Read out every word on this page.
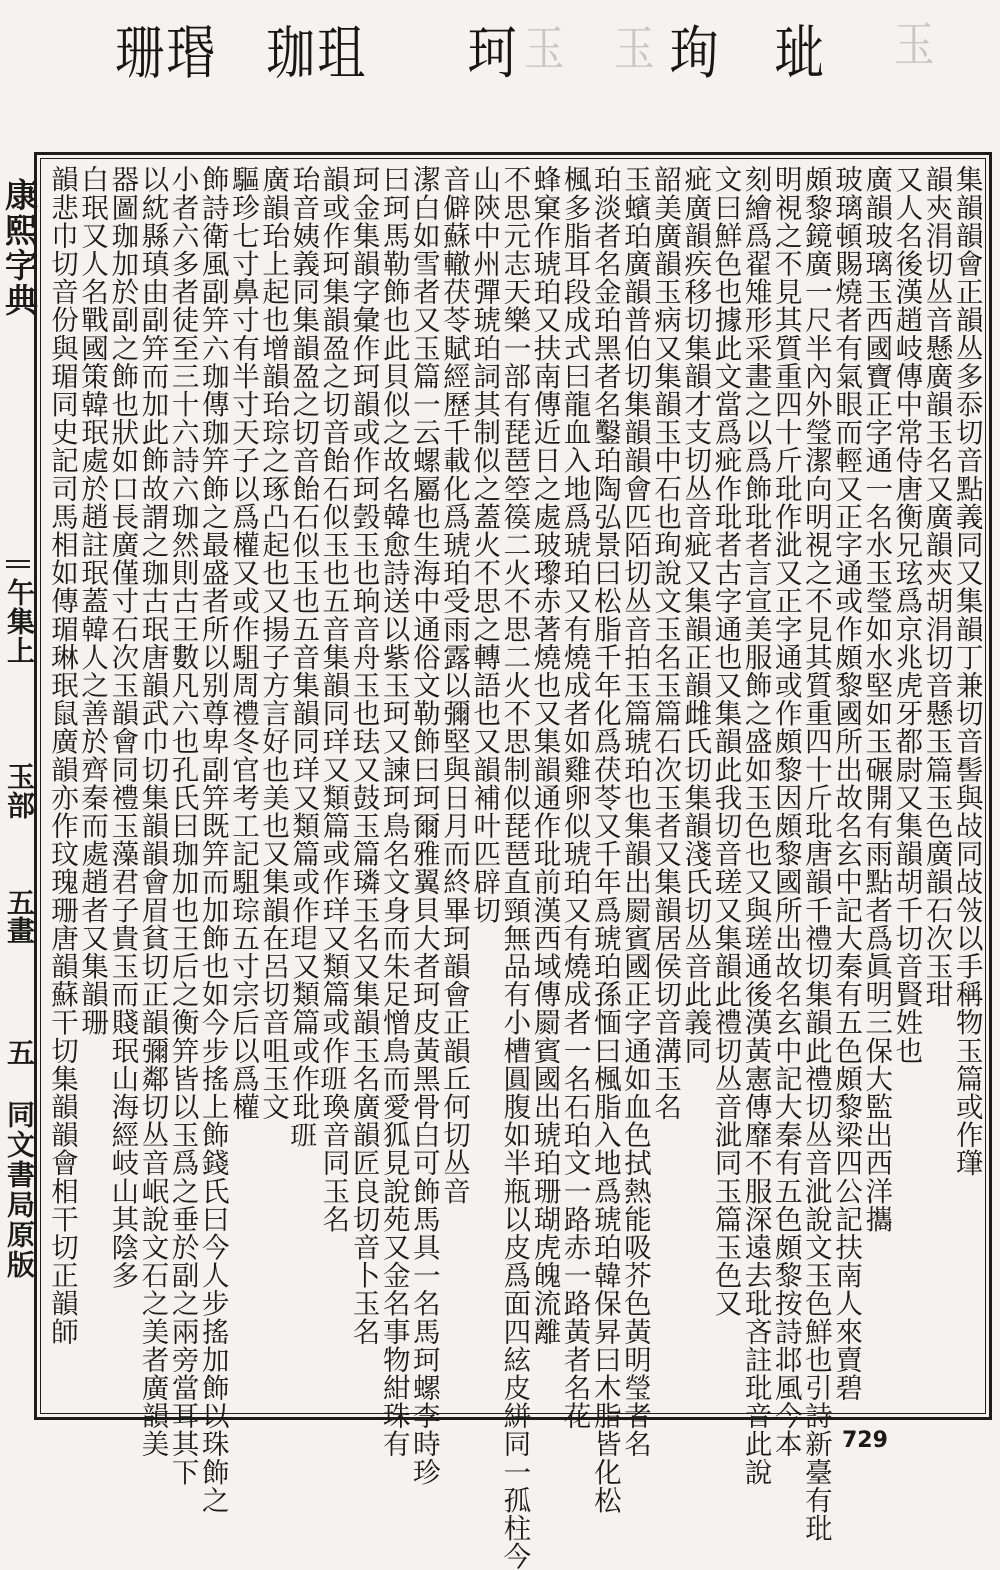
玉 玉	玉
珊瑉 珈珇 珂	珣 玼
康熙字典
午集上
玉部
五畫
五
同文書局原版
集韻韻會正韻丛多忝切音點義同又集韻丁兼切音髻與敁同敁㪁以手稱物玉篇或作㻶
韻㚒涓切丛音懸廣韻玉名又廣韻㚒胡涓切音懸玉篇玉色廣韻石次玉玵
又人名後漢趙岐傳中常侍唐衡兄玹爲京兆虎牙都尉又集韻胡千切音賢姓也
廣韻玻璃玉西國寶正字通一名水玉瑩如水堅如玉碾開有雨點者爲眞明三保大監出西洋攜
玻璃頓賜燒者有氣眼而輕又正字通或作頗黎國所出故名玄中記大秦有五色頗黎梁四公記扶南人來賣碧
頗黎鏡廣一尺半內外瑩潔向明視之不見其質重四十斤玭唐韻千禮切集韻此禮切丛音泚說文玉色鮮也引詩新臺有玭
明視之不見其質重四十斤玭作泚又正字通或作頗黎因頗黎國所出故名玄中記大秦有五色頗黎按詩邶風今本
刻繪爲翟雉形采畫之以爲飾玭者言宣美服飾之盛如玉色也又與瑳通後漢黃憲傳靡不服深遠去玭吝註玭音此說
文曰鮮色也據此文當爲疵作玭者古字通也又集韻此我切音瑳又集韻此禮切丛音泚同玉篇玉色又
疵廣韻疾移切集韻才支切丛音疵又集韻正韻雌氏切集韻淺氏切丛音此義同
韶美廣韻玉病又集韻玉中石也珣說文玉名玉篇石次玉者又集韻居侯切音溝玉名
玉蠙珀廣韻普伯切集韻韻會匹陌切丛音拍玉篇琥珀也集韻出罽賓國正字通如血色拭熱能吸芥色黃明瑩者名
珀淡者名金珀黑者名鑿珀陶弘景曰松脂千年化爲茯苓又千年爲琥珀孫愐曰楓脂入地爲琥珀韓保昇曰木脂皆化松
楓多脂耳段成式曰龍血入地爲琥珀又有燒成者如雞卵似琥珀又有燒成者一名石珀文一路赤一路黃者名花
蜂窠作琥珀又扶南傳近日之處玻瓈赤著燒也又集韻通作玭前漢西域傳罽賓國出琥珀珊瑚虎魄流離
不思元志天樂一部有琵琶箜篌二火不思二火不思制似琵琶直頸無品有小槽圓腹如半瓶以皮爲面四絃皮絣同一孤柱今
山陝中州彈琥珀詞其制似之蓋火不思之轉語也又韻補叶匹辟切
音僻蘇轍茯苓賦經歷千載化爲琥珀受雨露以彌堅與日月而終畢珂韻會正韻丘何切丛音
潔白如雪者又玉篇一云螺屬也生海中通俗文勒飾曰珂爾雅翼貝大者珂皮黃黑骨白可飾馬具一名馬珂螺李時珍
曰珂馬勒飾也此貝似之故名韓愈詩送以紫玉珂又諫珂鳥名文身而朱足憎鳥而愛狐見說苑又金名事物紺珠有
珂金集韻字彙作珂韻或作珂瑴玉也珦音舟玉也珐又鼓玉篇璘玉名又集韻玉名廣韻匠良切音卜玉名
韻或作珂集韻盈之切音飴石似玉也五音集韻同珜又類篇或作珜又類篇或作𤤻瑍音同玉名
珆音姨義同集韻盈之切音飴石似玉也五音集韻同珜又類篇或作𤥛又類篇或作玭𤤻
廣韻珆上起也增韻珆琮之琢凸起也又揚子方言好也美也又集韻在呂切音咀玉文
驅珍七寸鼻寸有半寸天子以爲權又或作駔周禮冬官考工記駔琮五寸宗后以爲權
飾詩衛風副笄六珈傳珈笄飾之最盛者所以别尊卑副笄既笄而加飾也如今步搖上飾錢氏曰今人步搖加飾以珠飾之
小者六多者徒至三十六詩六珈然則古王數凡六也孔氏曰珈加也王后之衡笄皆以玉爲之垂於副之兩旁當耳其下
以紞縣瑱由副笄而加此飾故謂之珈古珉唐韻武巾切集韻韻會眉貧切正韻彌鄰切丛音岷說文石之美者廣韻美
器圖珈加於副之飾也狀如口長廣僅寸石次玉韻會同禮玉藻君子貴玉而賤珉山海經岐山其陰多
白珉又人名戰國策韓珉處於趙註珉蓋韓人之善於齊秦而處趙者又集韻珊
韻悲巾切音份與瑂同史記司馬相如傳瑂琳珉鼠廣韻亦作玟瑰珊唐韻蘇干切集韻韻會相干切正韻師
729
